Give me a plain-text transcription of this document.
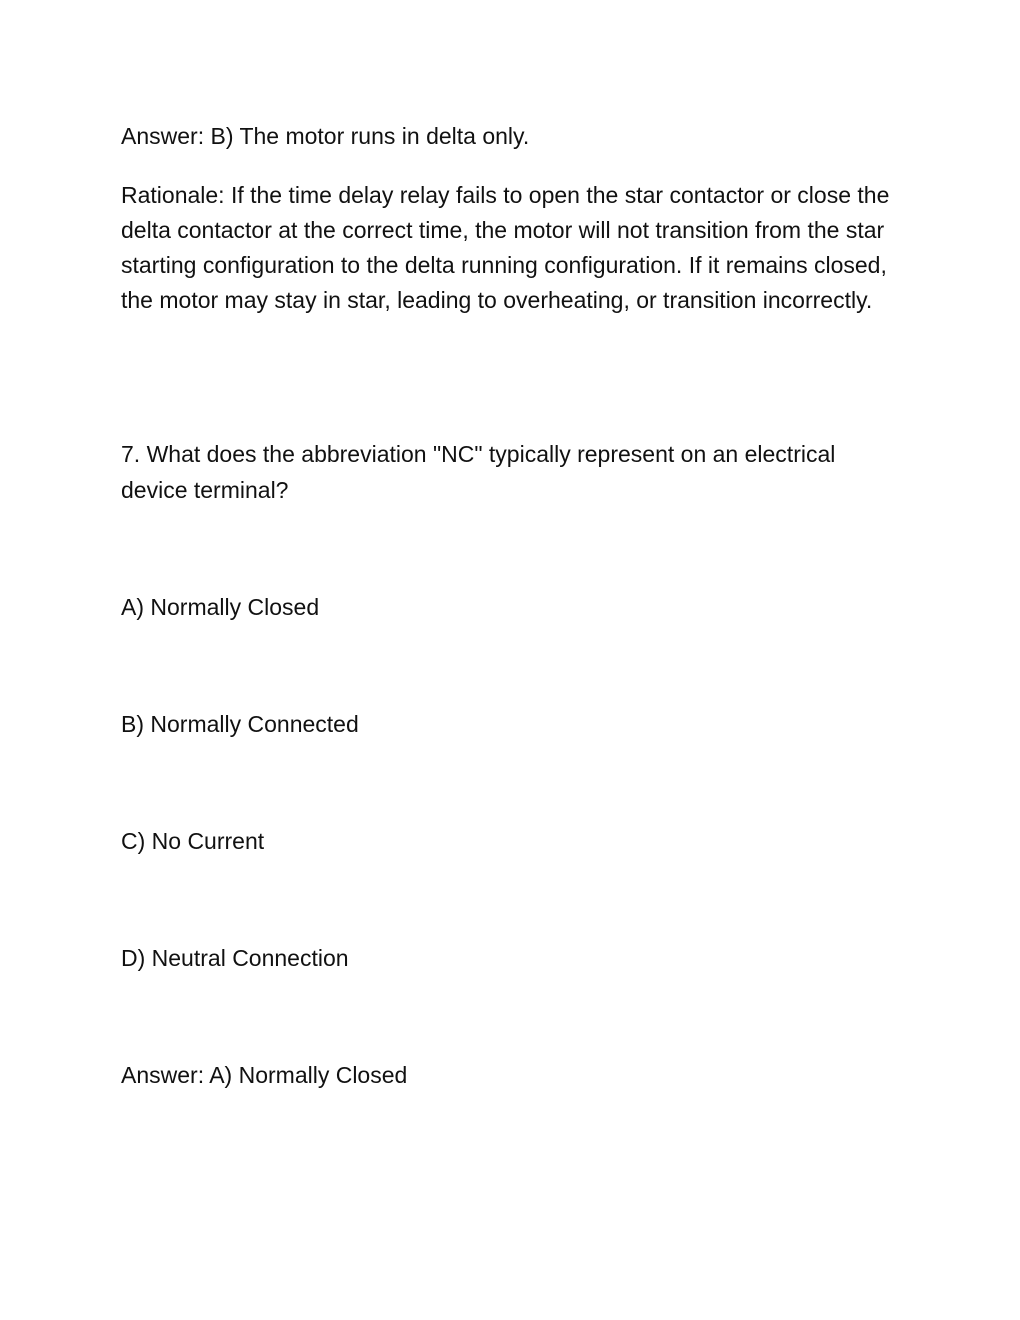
Answer: B) The motor runs in delta only.

Rationale: If the time delay relay fails to open the star contactor or close the delta contactor at the correct time, the motor will not transition from the star starting configuration to the delta running configuration. If it remains closed, the motor may stay in star, leading to overheating, or transition incorrectly.

7. What does the abbreviation "NC" typically represent on an electrical device terminal?

A) Normally Closed

B) Normally Connected

C) No Current

D) Neutral Connection

Answer: A) Normally Closed
